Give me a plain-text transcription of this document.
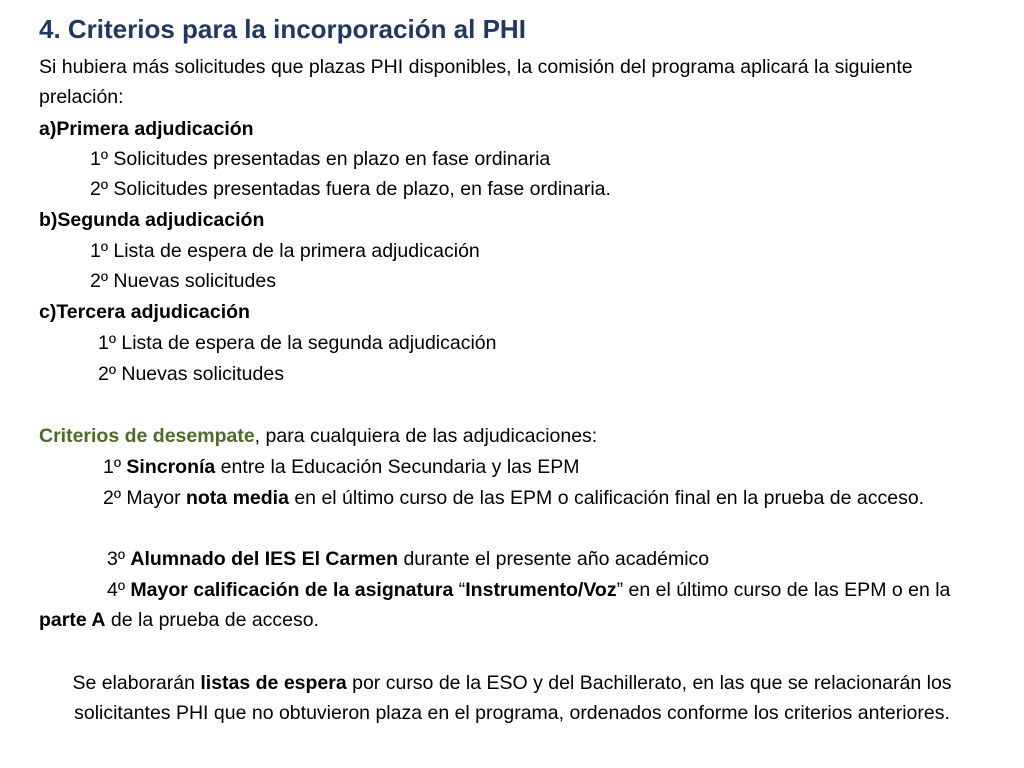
4. Criterios para la incorporación al PHI
Si hubiera más solicitudes que plazas PHI disponibles, la comisión del programa aplicará la siguiente prelación:
a)Primera adjudicación
1º Solicitudes presentadas en plazo en fase ordinaria
2º Solicitudes presentadas fuera de plazo, en fase ordinaria.
b)Segunda adjudicación
1º Lista de espera de la primera adjudicación
2º Nuevas solicitudes
c)Tercera adjudicación
1º Lista de espera de la segunda adjudicación
2º Nuevas solicitudes
Criterios de desempate, para cualquiera de las adjudicaciones:
1º Sincronía entre la Educación Secundaria y las EPM
2º Mayor nota media en el último curso de las EPM o calificación final en la prueba de acceso.
3º Alumnado del IES El Carmen durante el presente año académico
4º Mayor calificación de la asignatura “Instrumento/Voz” en el último curso de las EPM o en la parte A de la prueba de acceso.
Se elaborarán listas de espera por curso de la ESO y del Bachillerato, en las que se relacionarán los solicitantes PHI que no obtuvieron plaza en el programa, ordenados conforme los criterios anteriores.
